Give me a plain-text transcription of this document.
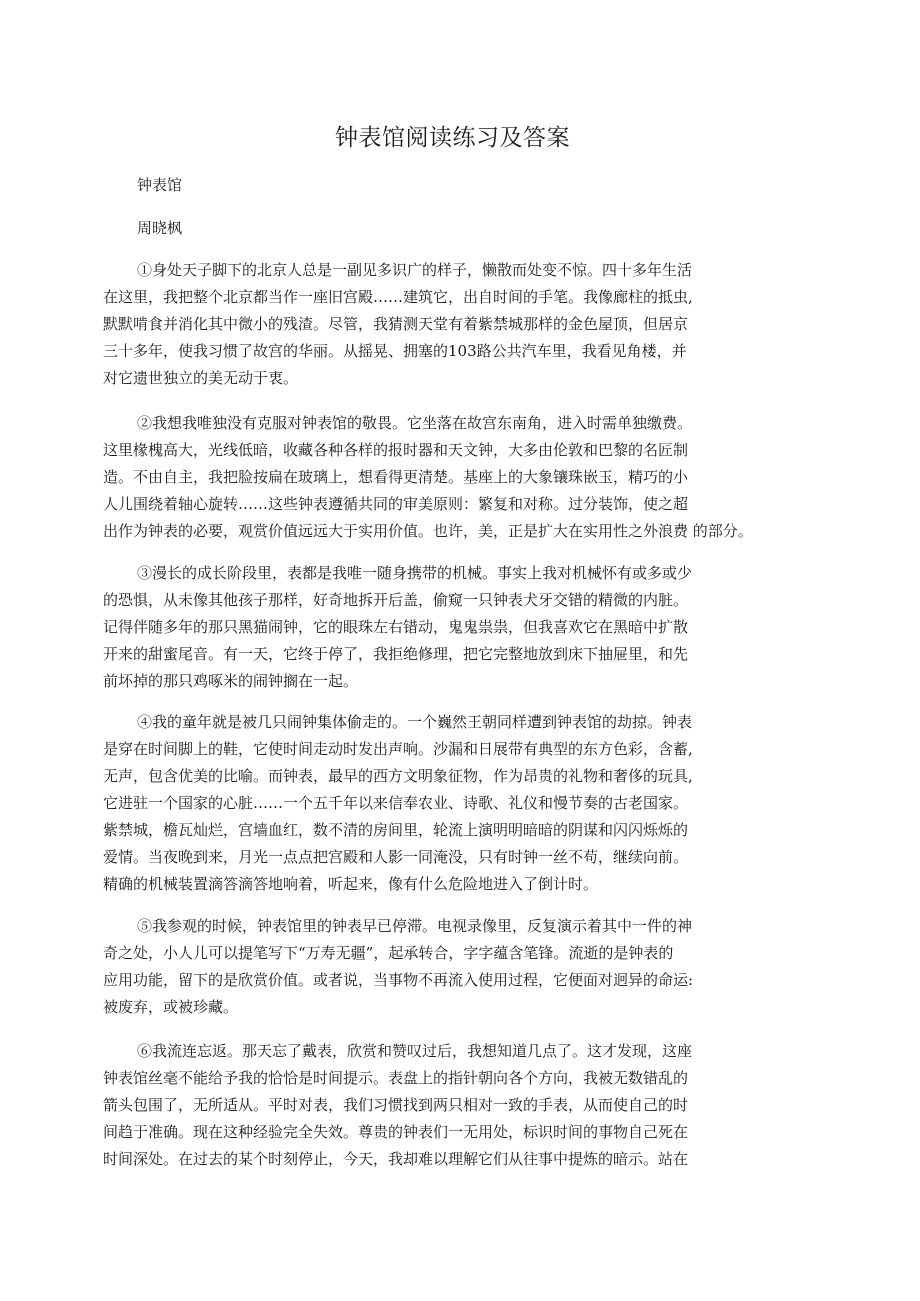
钟表馆阅读练习及答案

钟表馆

周晓枫

①身处天子脚下的北京人总是一副见多识广的样子，懒散而处变不惊。四十多年生活
在这里，我把整个北京都当作一座旧宫殿……建筑它，出自时间的手笔。我像廊柱的抵虫,
默默啃食并消化其中微小的残渣。尽管，我猜测天堂有着紫禁城那样的金色屋顶，但居京
三十多年，使我习惯了故宫的华丽。从摇晃、拥塞的103路公共汽车里，我看见角楼，并
对它遗世独立的美无动于衷。
②我想我唯独没有克服对钟表馆的敬畏。它坐落在故宫东南角，进入时需单独缴费。
这里椽槐高大，光线低暗，收藏各种各样的报时器和天文钟，大多由伦敦和巴黎的名匠制
造。不由自主，我把脸按扁在玻璃上，想看得更清楚。基座上的大象镶珠嵌玉，精巧的小
人儿围绕着轴心旋转……这些钟表遵循共同的审美原则：繁复和对称。过分装饰，使之超
出作为钟表的必要，观赏价值远远大于实用价值。也许，美，正是扩大在实用性之外浪费 的部分。
③漫长的成长阶段里，表都是我唯一随身携带的机械。事实上我对机械怀有或多或少
的恐惧，从未像其他孩子那样，好奇地拆开后盖，偷窥一只钟表犬牙交错的精微的内脏。
记得伴随多年的那只黑猫闹钟，它的眼珠左右错动，鬼鬼祟祟，但我喜欢它在黑暗中扩散
开来的甜蜜尾音。有一天，它终于停了，我拒绝修理，把它完整地放到床下抽屉里，和先
前坏掉的那只鸡啄米的闹钟搁在一起。
④我的童年就是被几只闹钟集体偷走的。一个巍然王朝同样遭到钟表馆的劫掠。钟表
是穿在时间脚上的鞋，它使时间走动时发出声响。沙漏和日展带有典型的东方色彩，含蓄,
无声，包含优美的比喻。而钟表，最早的西方文明象征物，作为昂贵的礼物和奢侈的玩具,
它进驻一个国家的心脏……一个五千年以来信奉农业、诗歌、礼仪和慢节奏的古老国家。
紫禁城，檐瓦灿烂，宫墙血红，数不清的房间里，轮流上演明明暗暗的阴谋和闪闪烁烁的
爱情。当夜晚到来，月光一点点把宫殿和人影一同淹没，只有时钟一丝不苟，继续向前。
精确的机械装置滴答滴答地响着，听起来，像有什么危险地进入了倒计时。
⑤我参观的时候，钟表馆里的钟表早已停滞。电视录像里，反复演示着其中一件的神
奇之处，小人儿可以提笔写下“万寿无疆”，起承转合，字字蕴含笔锋。流逝的是钟表的
应用功能，留下的是欣赏价值。或者说，当事物不再流入使用过程，它便面对迥异的命运:
被废弃，或被珍藏。
⑥我流连忘返。那天忘了戴表，欣赏和赞叹过后，我想知道几点了。这才发现，这座
钟表馆丝毫不能给予我的恰恰是时间提示。表盘上的指针朝向各个方向，我被无数错乱的
箭头包围了，无所适从。平时对表，我们习惯找到两只相对一致的手表，从而使自己的时
间趋于准确。现在这种经验完全失效。尊贵的钟表们一无用处，标识时间的事物自己死在
时间深处。在过去的某个时刻停止，今天，我却难以理解它们从往事中提炼的暗示。站在
